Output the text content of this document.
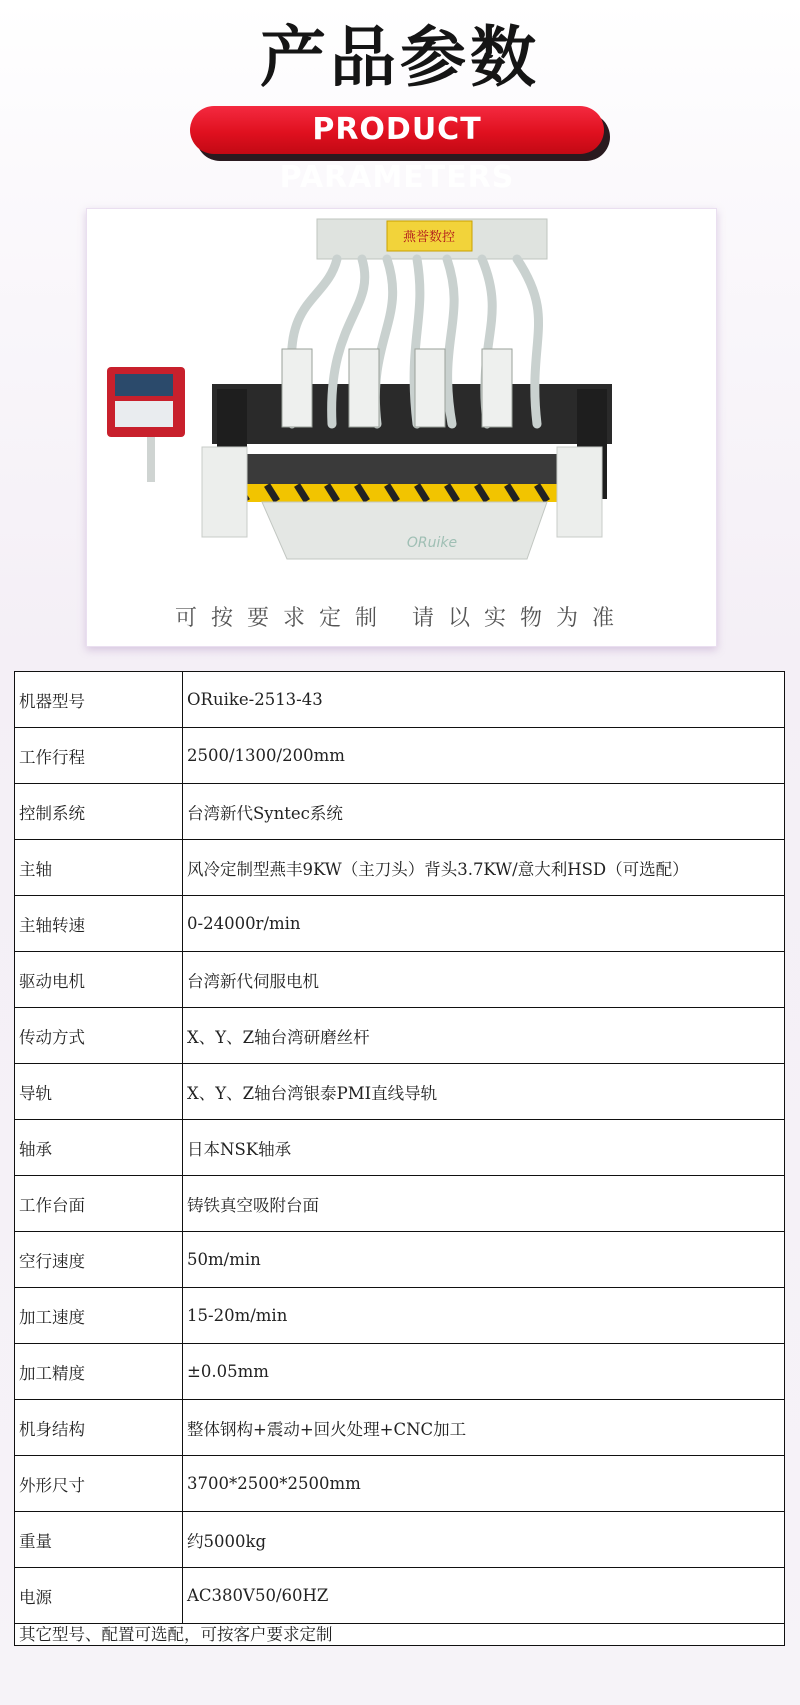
产品参数
PRODUCT PARAMETERS
燕誉数控
ORuike
可按要求定制 请以实物为准
机器型号	ORuike-2513-43
工作行程	2500/1300/200mm
控制系统	台湾新代Syntec系统
主轴	风冷定制型燕丰9KW（主刀头）背头3.7KW/意大利HSD（可选配）
主轴转速	0-24000r/min
驱动电机	台湾新代伺服电机
传动方式	X、Y、Z轴台湾研磨丝杆
导轨	X、Y、Z轴台湾银泰PMI直线导轨
轴承	日本NSK轴承
工作台面	铸铁真空吸附台面
空行速度	50m/min
加工速度	15-20m/min
加工精度	±0.05mm
机身结构	整体钢构+震动+回火处理+CNC加工
外形尺寸	3700*2500*2500mm
重量	约5000kg
电源	AC380V50/60HZ
其它型号、配置可选配，可按客户要求定制	
